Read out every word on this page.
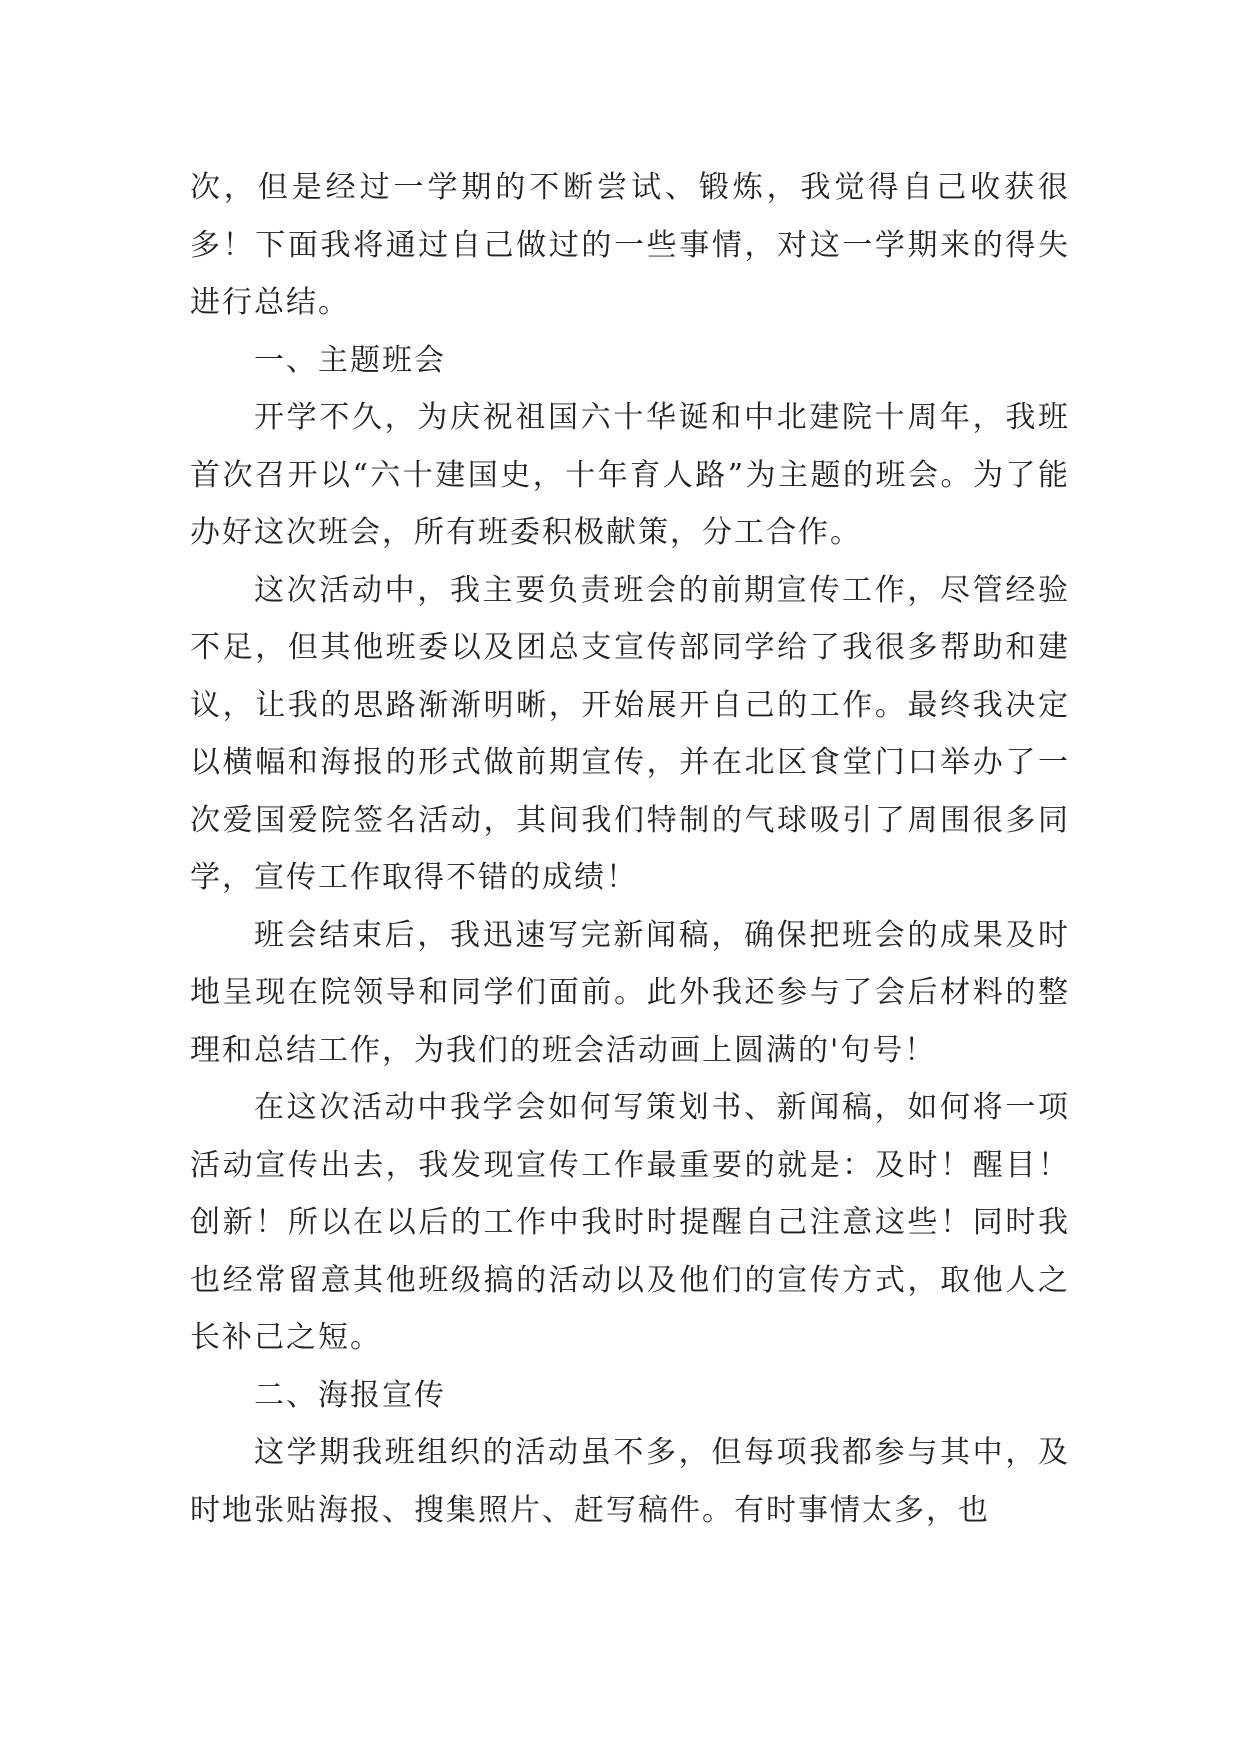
次，但是经过一学期的不断尝试、锻炼，我觉得自己收获很多！下面我将通过自己做过的一些事情，对这一学期来的得失进行总结。

一、主题班会

开学不久，为庆祝祖国六十华诞和中北建院十周年，我班首次召开以“六十建国史，十年育人路”为主题的班会。为了能办好这次班会，所有班委积极献策，分工合作。

这次活动中，我主要负责班会的前期宣传工作，尽管经验不足，但其他班委以及团总支宣传部同学给了我很多帮助和建议，让我的思路渐渐明晰，开始展开自己的工作。最终我决定以横幅和海报的形式做前期宣传，并在北区食堂门口举办了一次爱国爱院签名活动，其间我们特制的气球吸引了周围很多同学，宣传工作取得不错的成绩！

班会结束后，我迅速写完新闻稿，确保把班会的成果及时地呈现在院领导和同学们面前。此外我还参与了会后材料的整理和总结工作，为我们的班会活动画上圆满的'句号！

在这次活动中我学会如何写策划书、新闻稿，如何将一项活动宣传出去，我发现宣传工作最重要的就是：及时！醒目！创新！所以在以后的工作中我时时提醒自己注意这些！同时我也经常留意其他班级搞的活动以及他们的宣传方式，取他人之长补己之短。

二、海报宣传

这学期我班组织的活动虽不多，但每项我都参与其中，及时地张贴海报、搜集照片、赶写稿件。有时事情太多，也
